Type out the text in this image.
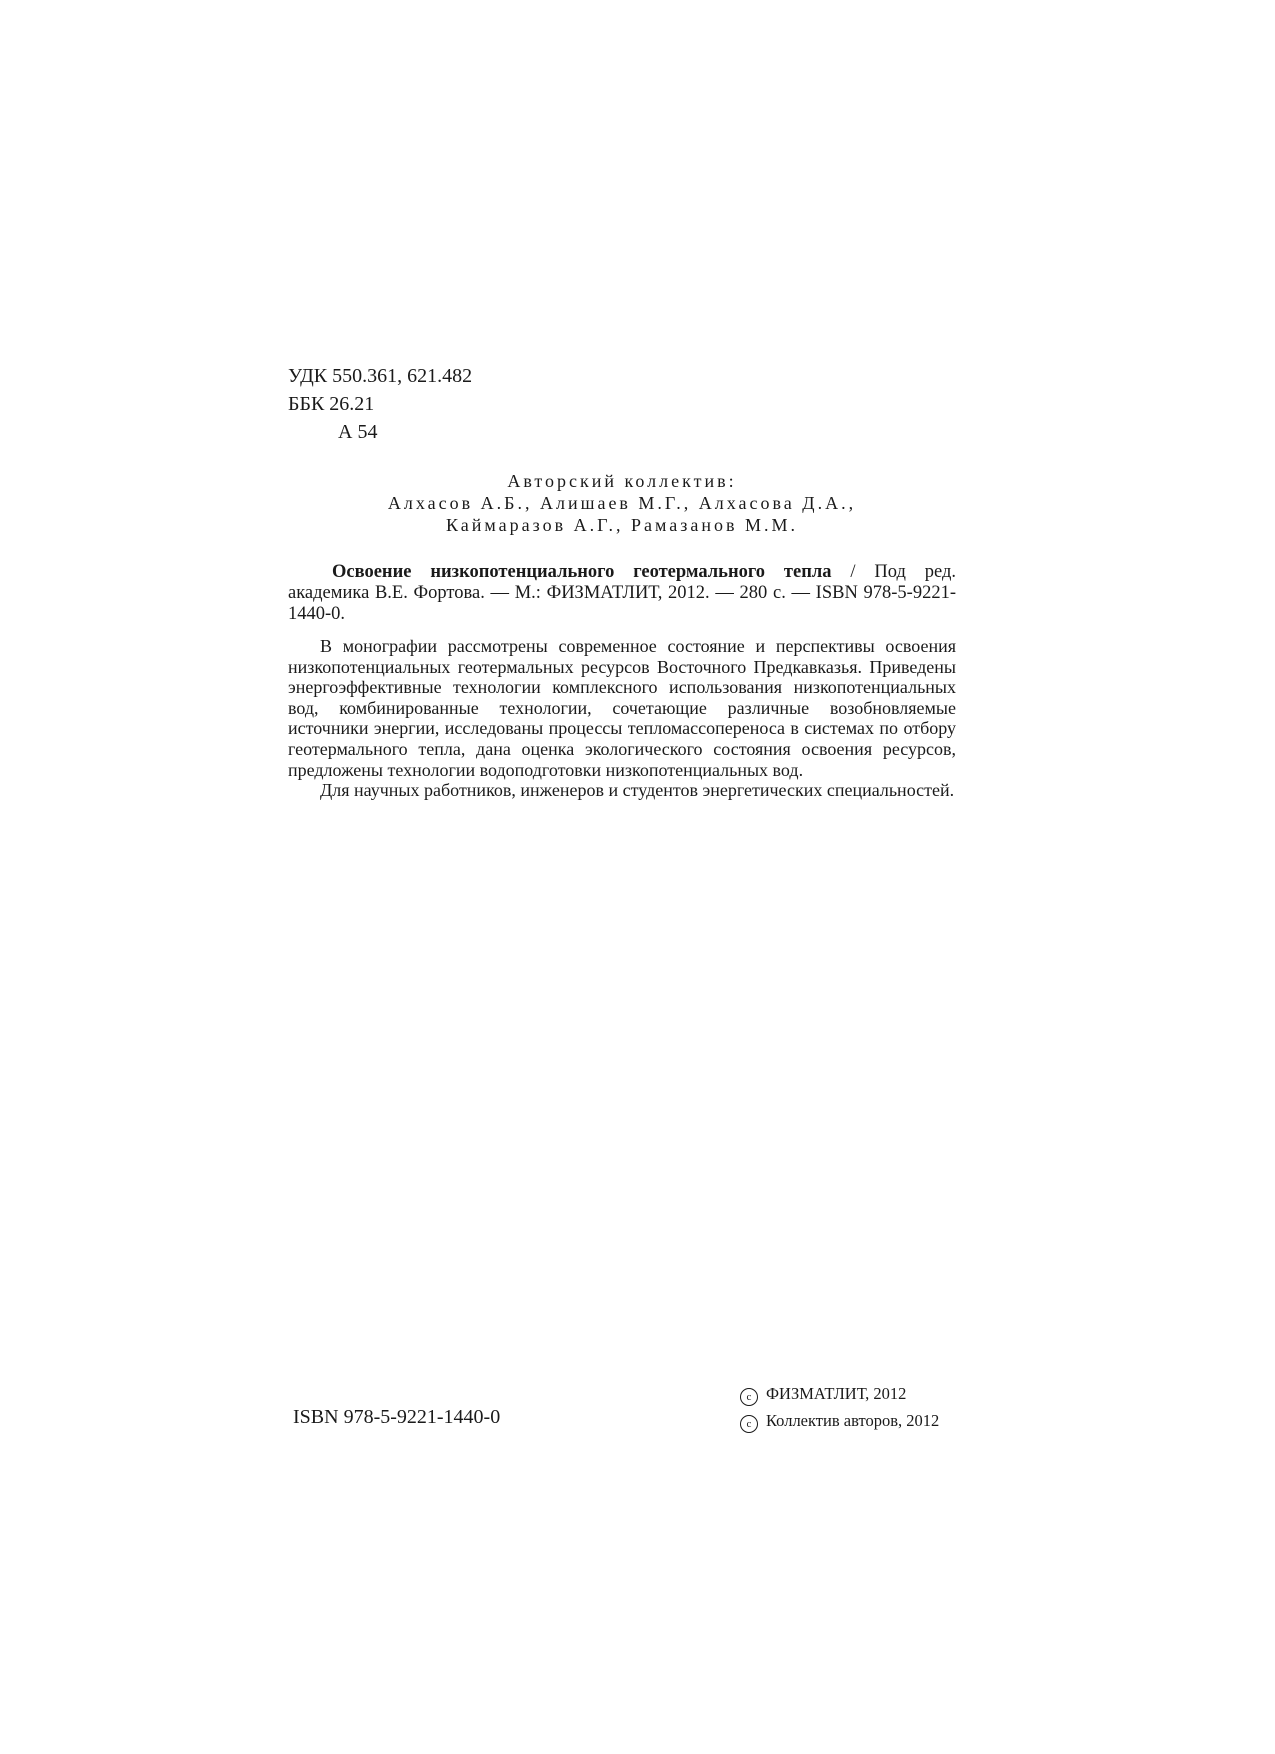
УДК 550.361, 621.482
ББК 26.21
А 54
Авторский коллектив:
Алхасов А.Б., Алишаев М.Г., Алхасова Д.А.,
Каймаразов А.Г., Рамазанов М.М.

Освоение низкопотенциального геотермального тепла / Под ред. академика В.Е. Фортова. — М.: ФИЗМАТЛИТ, 2012. — 280 с. — ISBN 978-5-9221-1440-0.

В монографии рассмотрены современное состояние и перспективы освоения низкопотенциальных геотермальных ресурсов Восточного Предкавказья. Приведены энергоэффективные технологии комплексного использования низкопотенциальных вод, комбинированные технологии, сочетающие различные возобновляемые источники энергии, исследованы процессы тепломассопереноса в системах по отбору геотермального тепла, дана оценка экологического состояния освоения ресурсов, предложены технологии водоподготовки низкопотенциальных вод.

Для научных работников, инженеров и студентов энергетических специальностей.

ISBN 978-5-9221-1440-0
c ФИЗМАТЛИТ, 2012
c Коллектив авторов, 2012
